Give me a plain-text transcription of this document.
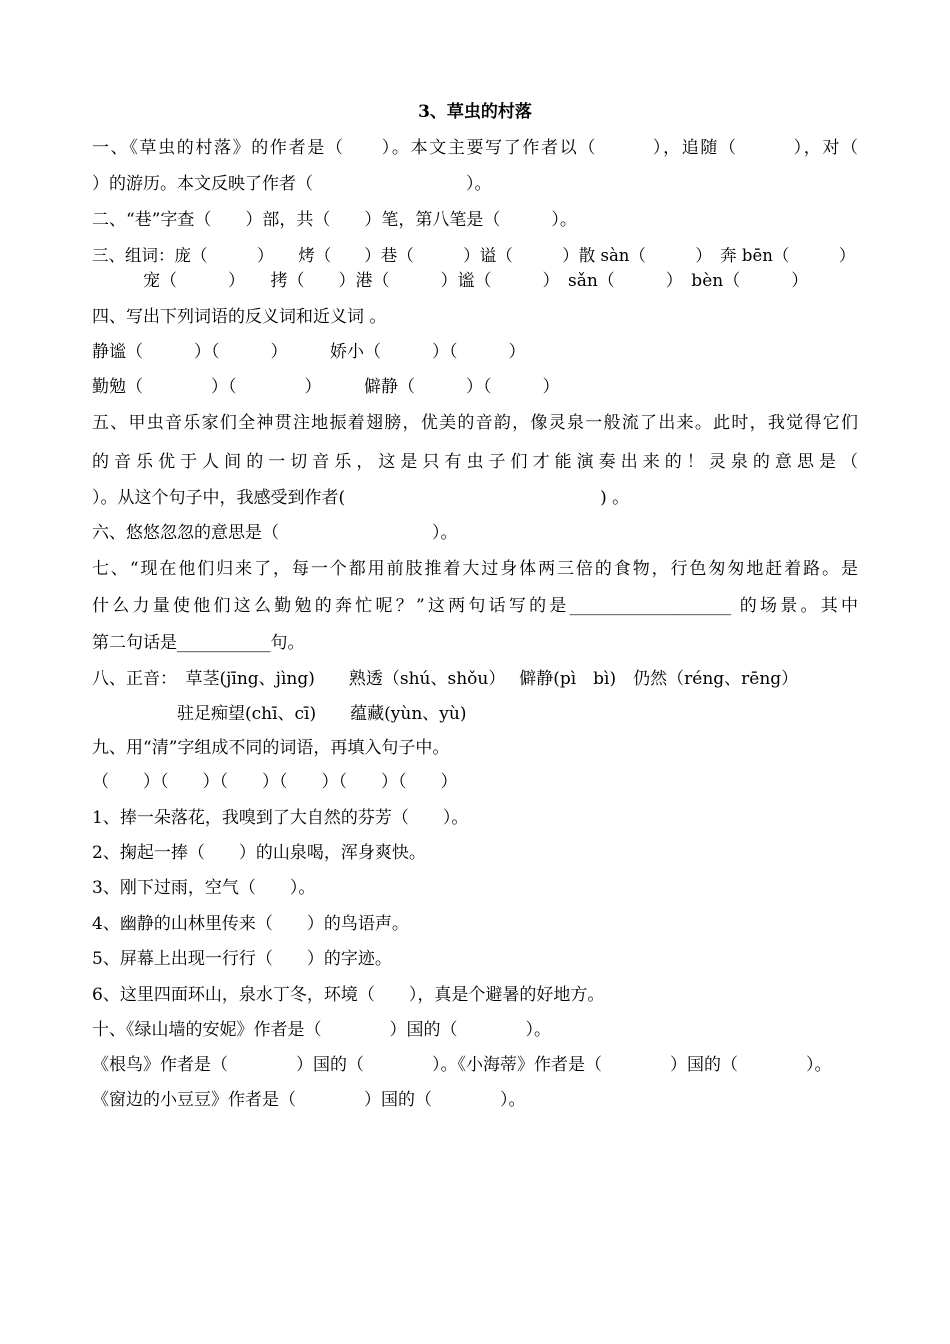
3、草虫的村落
一、《草虫的村落》的作者是（　　）。本文主要写了作者以（　　　），追随（　　　），对（
）的游历。本文反映了作者（　　　　　　　　　）。
二、“巷”字查（　　）部，共（　　）笔，第八笔是（　　　）。
三、组词：庞（　　　）　　烤（　　）巷（　　　）谥（　　　）散 sàn（　　　）　奔 bēn（　　　）
　　　宠（　　　）　　拷（　　）港（　　　）谧（　　　）　sǎn（　　　）　bèn（　　　）
四、写出下列词语的反义词和近义词 。
静谧（　　　）（　　　）　　　娇小（　　　）（　　　）
勤勉（　　　　）（　　　　）　　　僻静（　　　）（　　　）
五、甲虫音乐家们全神贯注地振着翅膀，优美的音韵，像灵泉一般流了出来。此时，我觉得它们
的音乐优于人间的一切音乐，这是只有虫子们才能演奏出来的！灵泉的意思是（
）。从这个句子中，我感受到作者(　　　　　　　　　　　　　　　) 。
六、悠悠忽忽的意思是（　　　　　　　　　）。
七、“现在他们归来了，每一个都用前肢推着大过身体两三倍的食物，行色匆匆地赶着路。是
什么力量使他们这么勤勉的奔忙呢？”这两句话写的是___________________ 的场景。其中
第二句话是___________句。
八、正音：　草茎(jīng、jìng)　　熟透（shú、shǒu）　 僻静(pì　bì)　仍然（réng、rēng）
　　　　　驻足痴望(chī、cī)　　蕴藏(yùn、yù)
九、用“清”字组成不同的词语，再填入句子中。
（　　）（　　）（　　）（　　）（　　）（　　）
1、捧一朵落花，我嗅到了大自然的芬芳（　　）。
2、掬起一捧（　　）的山泉喝，浑身爽快。
3、刚下过雨，空气（　　）。
4、幽静的山林里传来（　　）的鸟语声。
5、屏幕上出现一行行（　　）的字迹。
6、这里四面环山，泉水丁冬，环境（　　），真是个避暑的好地方。
十、《绿山墙的安妮》作者是（　　　　）国的（　　　　）。
《根鸟》作者是（　　　　）国的（　　　　）。《小海蒂》作者是（　　　　）国的（　　　　）。
《窗边的小豆豆》作者是（　　　　）国的（　　　　）。
